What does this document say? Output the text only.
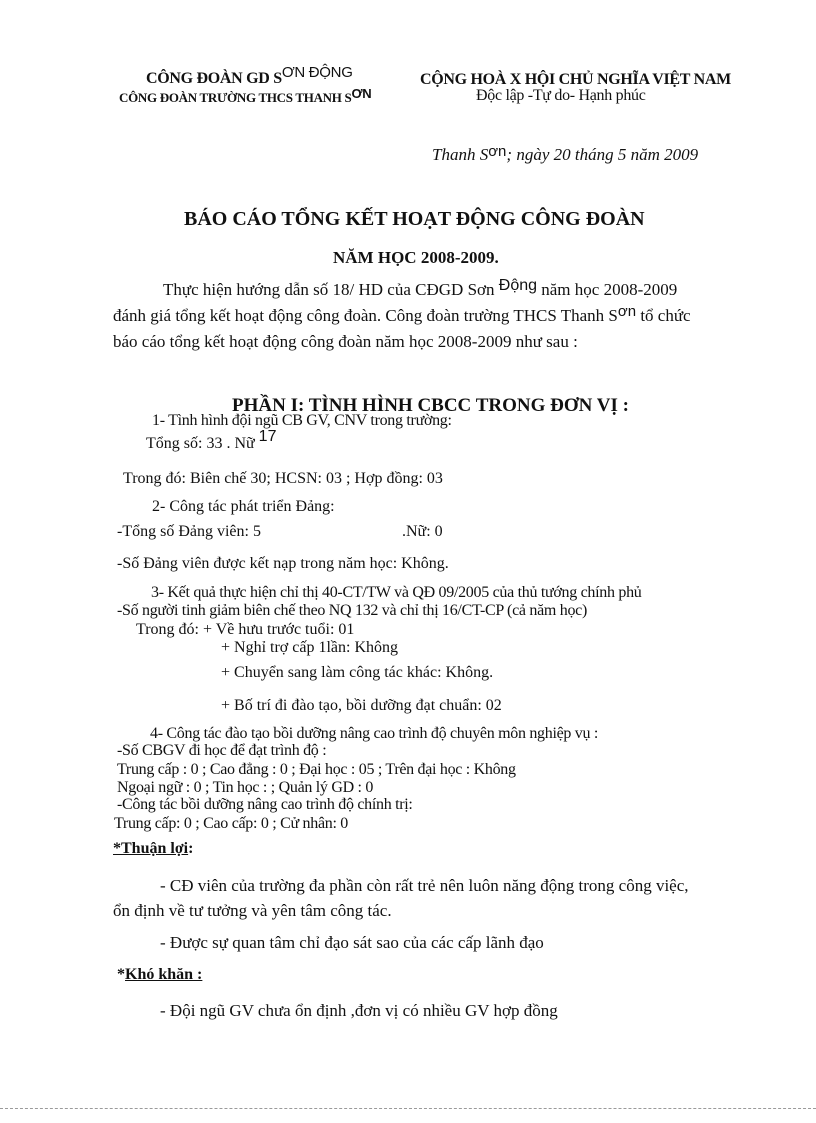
CÔNG ĐOÀN GD SƠN ĐỘNG
CÔNG ĐOÀN TRƯỜNG THCS THANH SƠN
CỘNG HOÀ X HỘI CHỦ NGHĨA VIỆT NAM
Độc lập -Tự do- Hạnh phúc
Thanh Sơn; ngày 20 tháng 5 năm 2009
BÁO CÁO TỔNG KẾT HOẠT ĐỘNG CÔNG ĐOÀN
NĂM HỌC 2008-2009.
Thực hiện hướng dẫn số 18/ HD của CĐGD Sơn Động năm học 2008-2009
đánh giá tổng kết hoạt động công đoàn. Công đoàn trường THCS Thanh Sơn tổ chức
báo cáo tổng kết hoạt động công đoàn năm học 2008-2009 như sau :
PHẦN I: TÌNH HÌNH CBCC TRONG ĐƠN VỊ :
1- Tình hình đội ngũ CB GV, CNV trong trường:
Tổng số: 33 . Nữ 17
Trong đó: Biên chế 30; HCSN: 03 ; Hợp đồng: 03
2- Công tác phát triển Đảng:
-Tổng số Đảng viên: 5	.Nữ: 0
-Số Đảng viên được kết nạp trong năm học: Không.
3- Kết quả thực hiện chỉ thị 40-CT/TW và QĐ 09/2005 của thủ tướng chính phủ
-Số người tinh giảm biên chế theo NQ 132 và chỉ thị 16/CT-CP (cả năm học)
Trong đó: + Về hưu trước tuổi: 01
+ Nghỉ trợ cấp 1lần: Không
+ Chuyển sang làm công tác khác: Không.
+ Bố trí đi đào tạo, bồi dưỡng đạt chuẩn: 02
4- Công tác đào tạo bồi dưỡng nâng cao trình độ chuyên môn nghiệp vụ :
-Số CBGV đi học để đạt trình độ :
Trung cấp : 0 ; Cao đẳng : 0 ; Đại học : 05 ; Trên đại học : Không
Ngoại ngữ : 0 ; Tin học : ; Quản lý GD : 0
-Công tác bồi dưỡng nâng cao trình độ chính trị:
Trung cấp: 0 ; Cao cấp: 0 ; Cử nhân: 0
*Thuận lợi:
- CĐ viên của trường đa phần còn rất trẻ nên luôn năng động trong công việc,
ổn định về tư tưởng và yên tâm công tác.
- Được sự quan tâm chỉ đạo sát sao của các cấp lãnh đạo
*Khó khăn :
- Đội ngũ GV chưa ổn định ,đơn vị có nhiều GV hợp đồng
